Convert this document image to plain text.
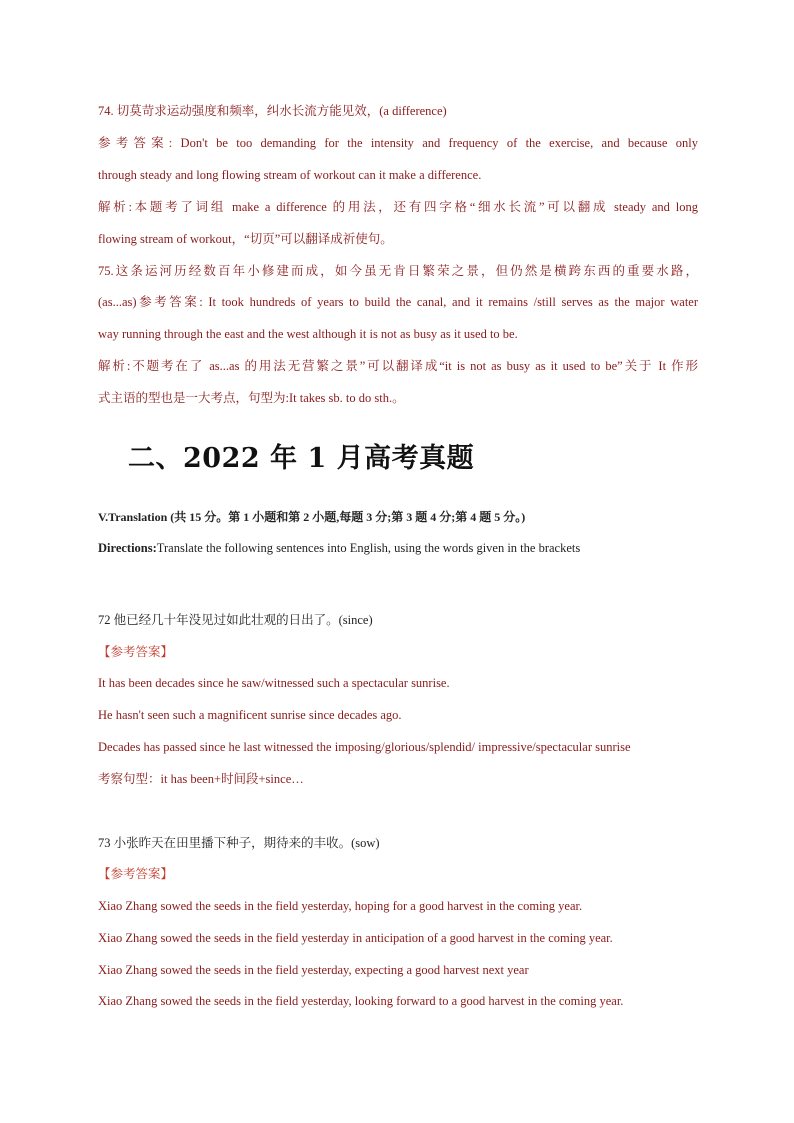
74. 切莫苛求运动强度和频率，纠水长流方能见效，(a difference)
参考答案: Don't be too demanding for the intensity and frequency of the exercise, and because only
through steady and long flowing stream of workout can it make a difference.
解析:本题考了词组 make a difference 的用法，还有四字格“细水长流”可以翻成 steady and long
flowing stream of workout，“切页”可以翻译成祈使句。
75.这条运河历经数百年小修建而成，如今虽无肯日繁荣之景，但仍然是横跨东西的重要水路，
(as...as)参考答案: It took hundreds of years to build the canal, and it remains /still serves as the major water
way running through the east and the west although it is not as busy as it used to be.
解析:不题考在了 as...as 的用法无营繁之景”可以翻译成“it is not as busy as it used to be”关于 It 作形
式主语的型也是一大考点，句型为:It takes sb. to do sth.。
二、2022 年 1 月高考真题
V.Translation (共 15 分。第 1 小题和第 2 小题,每题 3 分;第 3 题 4 分;第 4 题 5 分。)
Directions:Translate the following sentences into English, using the words given in the brackets
72 他已经几十年没见过如此壮观的日出了。(since)
【参考答案】
It has been decades since he saw/witnessed such a spectacular sunrise.
He hasn't seen such a magnificent sunrise since decades ago.
Decades has passed since he last witnessed the imposing/glorious/splendid/ impressive/spectacular sunrise
考察句型：it has been+时间段+since…
73 小张昨天在田里播下种子，期待来的丰收。(sow)
【参考答案】
Xiao Zhang sowed the seeds in the field yesterday, hoping for a good harvest in the coming year.
Xiao Zhang sowed the seeds in the field yesterday in anticipation of a good harvest in the coming year.
Xiao Zhang sowed the seeds in the field yesterday, expecting a good harvest next year
Xiao Zhang sowed the seeds in the field yesterday, looking forward to a good harvest in the coming year.
